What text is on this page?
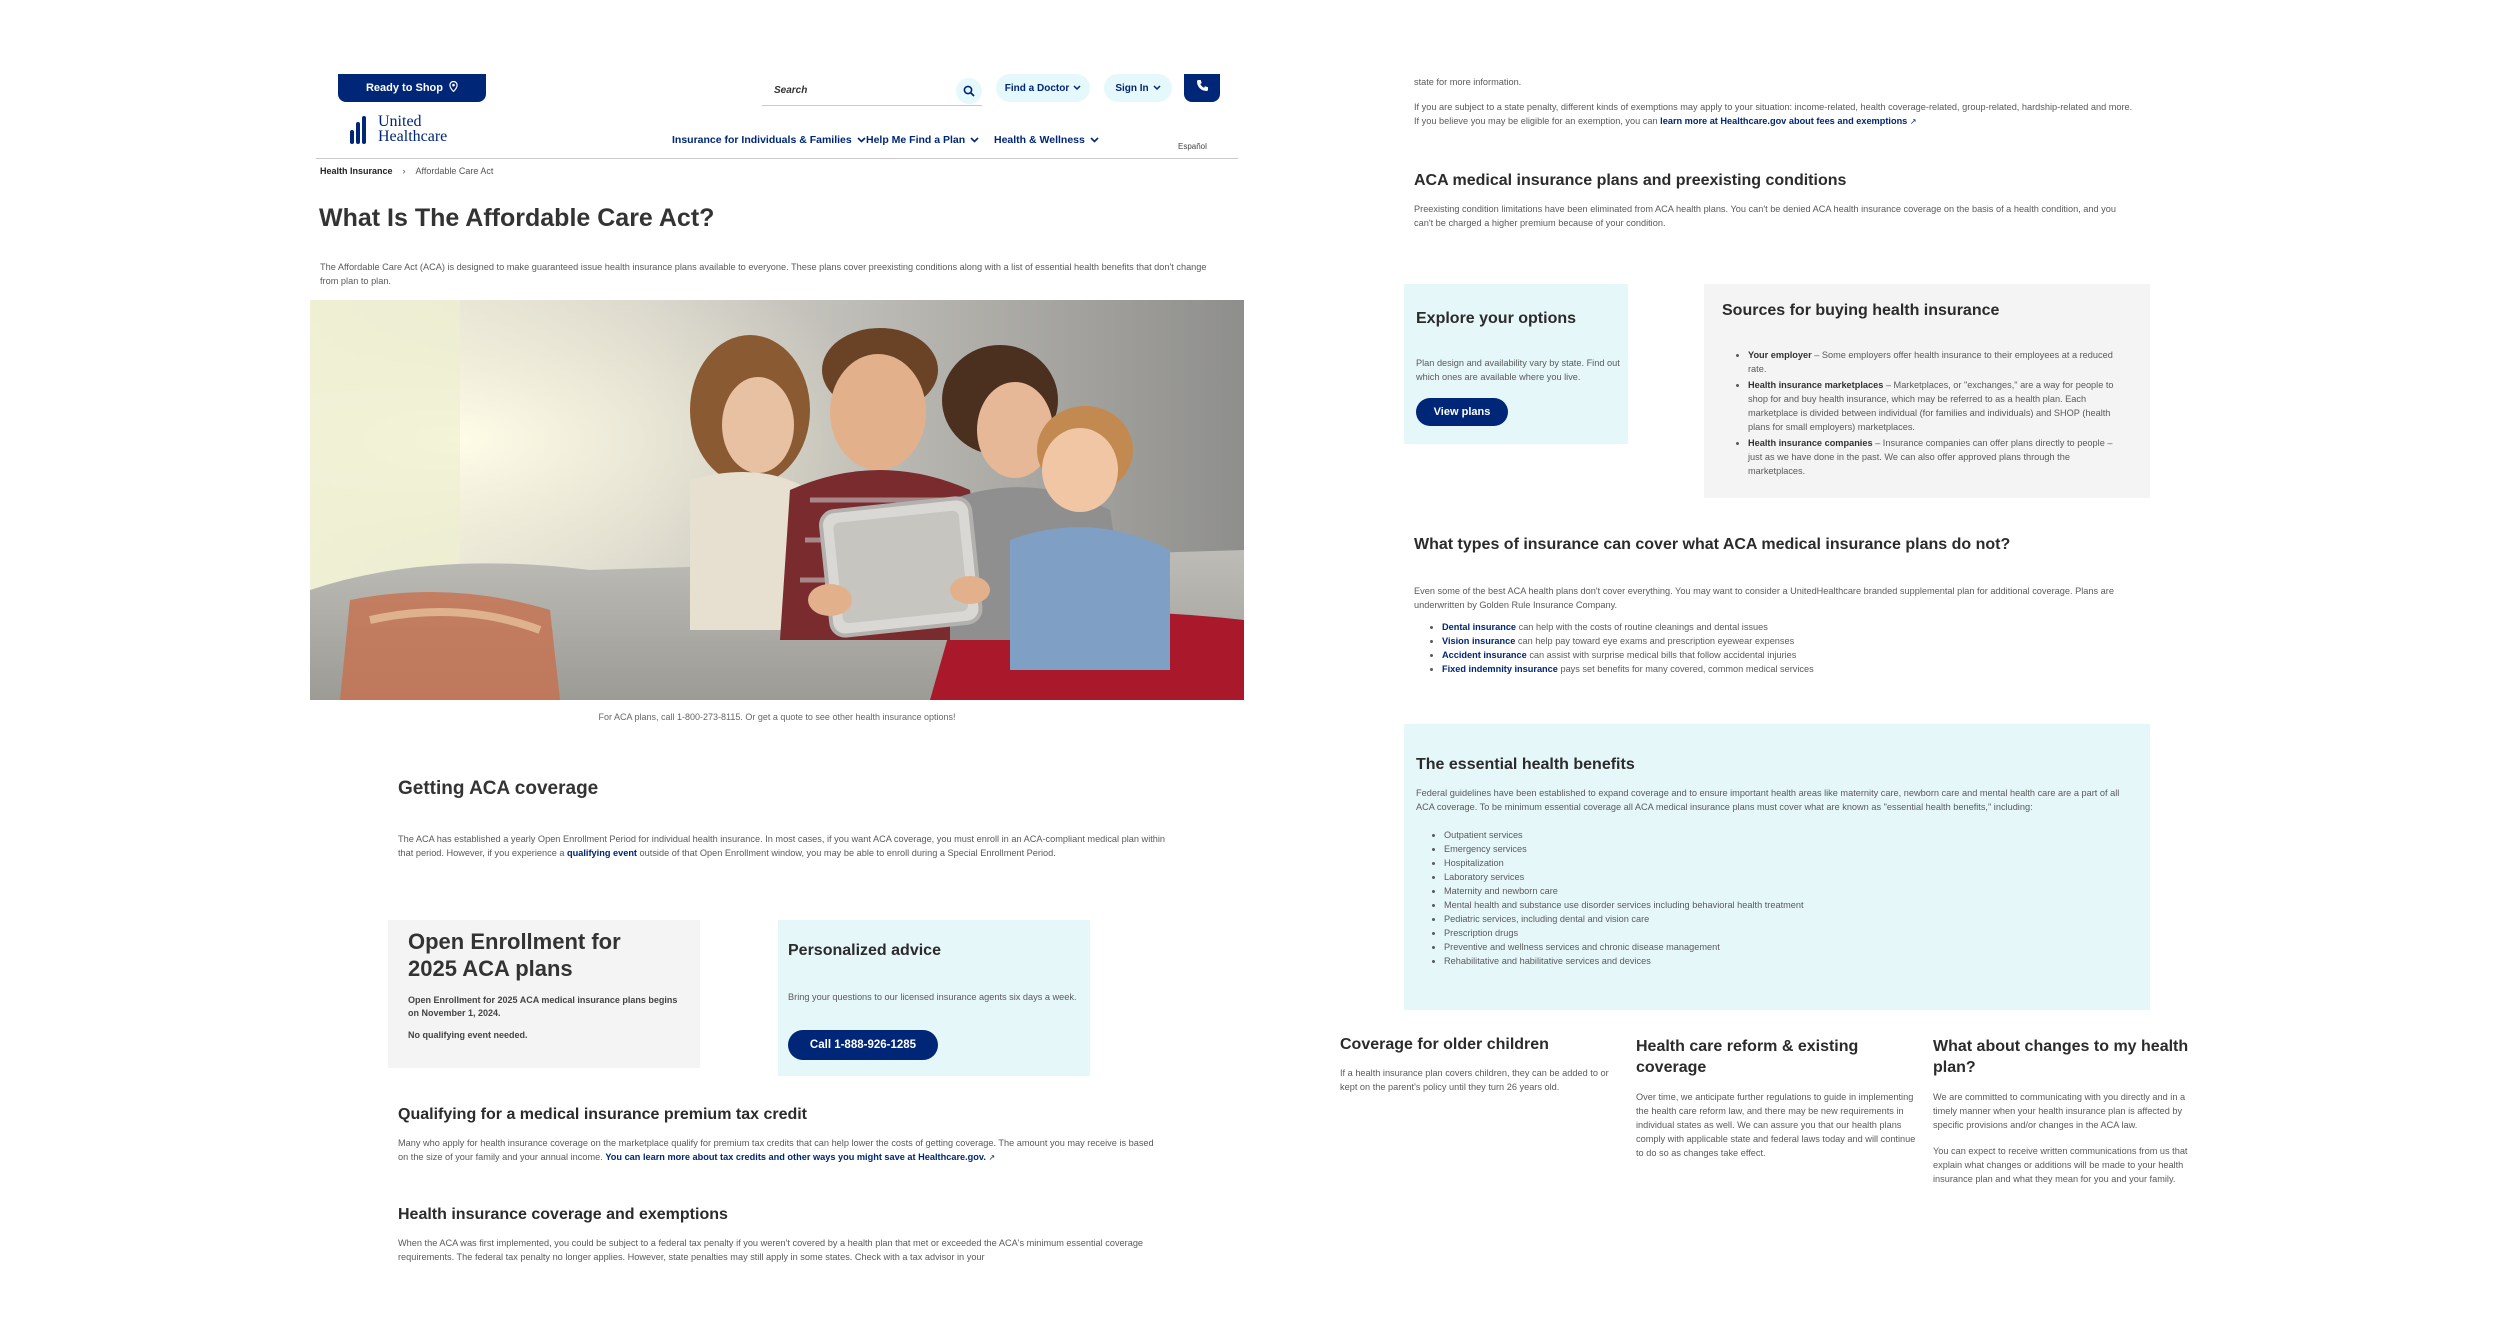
Ready to Shop
United
Healthcare
Search	Find a Doctor	Sign In
Insurance for Individuals & Families Help Me Find a Plan	Health & Wellness
Español
Health Insurance › Affordable Care Act
What Is The Affordable Care Act?
The Affordable Care Act (ACA) is designed to make guaranteed issue health insurance plans available to everyone. These plans cover preexisting conditions along with a list of essential health benefits that don't change from plan to plan.
For ACA plans, call 1-800-273-8115. Or get a quote to see other health insurance options!
Getting ACA coverage
The ACA has established a yearly Open Enrollment Period for individual health insurance. In most cases, if you want ACA coverage, you must enroll in an ACA-compliant medical plan within that period. However, if you experience a qualifying event outside of that Open Enrollment window, you may be able to enroll during a Special Enrollment Period.
Open Enrollment for 2025 ACA plans
Open Enrollment for 2025 ACA medical insurance plans begins on November 1, 2024.
No qualifying event needed.
Personalized advice
Bring your questions to our licensed insurance agents six days a week.
Call 1-888-926-1285
Qualifying for a medical insurance premium tax credit
Many who apply for health insurance coverage on the marketplace qualify for premium tax credits that can help lower the costs of getting coverage. The amount you may receive is based on the size of your family and your annual income. You can learn more about tax credits and other ways you might save at Healthcare.gov. ↗
Health insurance coverage and exemptions
When the ACA was first implemented, you could be subject to a federal tax penalty if you weren't covered by a health plan that met or exceeded the ACA's minimum essential coverage requirements. The federal tax penalty no longer applies. However, state penalties may still apply in some states. Check with a tax advisor in your
state for more information.
If you are subject to a state penalty, different kinds of exemptions may apply to your situation: income-related, health coverage-related, group-related, hardship-related and more. If you believe you may be eligible for an exemption, you can learn more at Healthcare.gov about fees and exemptions ↗
ACA medical insurance plans and preexisting conditions
Preexisting condition limitations have been eliminated from ACA health plans. You can't be denied ACA health insurance coverage on the basis of a health condition, and you can't be charged a higher premium because of your condition.
Explore your options
Plan design and availability vary by state. Find out which ones are available where you live.
View plans
Sources for buying health insurance
• Your employer – Some employers offer health insurance to their employees at a reduced rate.
• Health insurance marketplaces – Marketplaces, or "exchanges," are a way for people to shop for and buy health insurance, which may be referred to as a health plan. Each marketplace is divided between individual (for families and individuals) and SHOP (health plans for small employers) marketplaces.
• Health insurance companies – Insurance companies can offer plans directly to people – just as we have done in the past. We can also offer approved plans through the marketplaces.
What types of insurance can cover what ACA medical insurance plans do not?
Even some of the best ACA health plans don't cover everything. You may want to consider a UnitedHealthcare branded supplemental plan for additional coverage. Plans are underwritten by Golden Rule Insurance Company.
• Dental insurance can help with the costs of routine cleanings and dental issues
• Vision insurance can help pay toward eye exams and prescription eyewear expenses
• Accident insurance can assist with surprise medical bills that follow accidental injuries
• Fixed indemnity insurance pays set benefits for many covered, common medical services
The essential health benefits
Federal guidelines have been established to expand coverage and to ensure important health areas like maternity care, newborn care and mental health care are a part of all ACA coverage. To be minimum essential coverage all ACA medical insurance plans must cover what are known as "essential health benefits," including:
• Outpatient services
• Emergency services
• Hospitalization
• Laboratory services
• Maternity and newborn care
• Mental health and substance use disorder services including behavioral health treatment
• Pediatric services, including dental and vision care
• Prescription drugs
• Preventive and wellness services and chronic disease management
• Rehabilitative and habilitative services and devices
Coverage for older children
If a health insurance plan covers children, they can be added to or kept on the parent's policy until they turn 26 years old.
Health care reform & existing coverage
Over time, we anticipate further regulations to guide in implementing the health care reform law, and there may be new requirements in individual states as well. We can assure you that our health plans comply with applicable state and federal laws today and will continue to do so as changes take effect.
What about changes to my health plan?
We are committed to communicating with you directly and in a timely manner when your health insurance plan is affected by specific provisions and/or changes in the ACA law.
You can expect to receive written communications from us that explain what changes or additions will be made to your health insurance plan and what they mean for you and your family.
